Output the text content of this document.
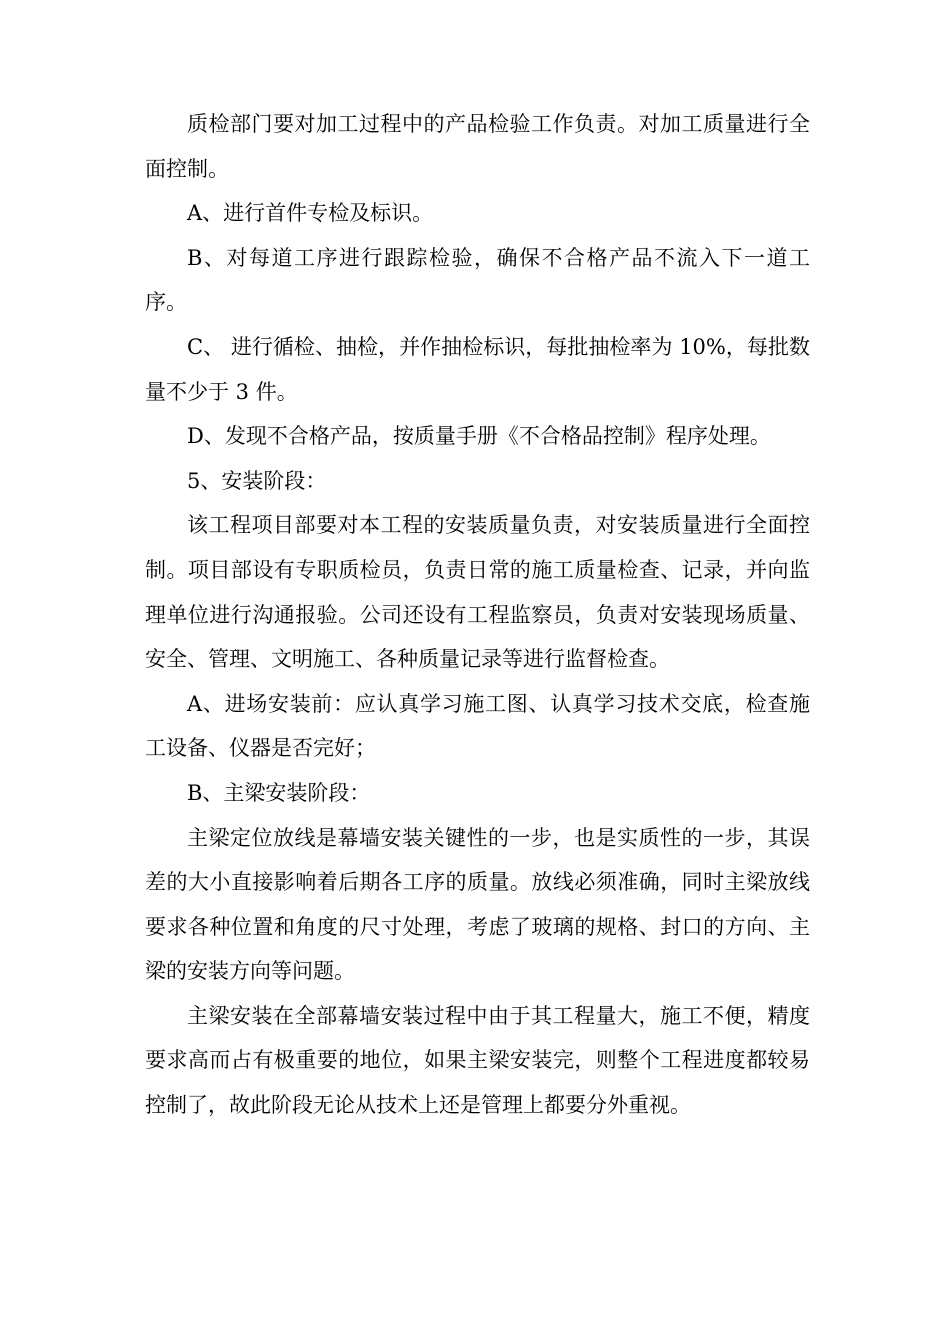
质检部门要对加工过程中的产品检验工作负责。对加工质量进行全面控制。

A、进行首件专检及标识。

B、对每道工序进行跟踪检验，确保不合格产品不流入下一道工序。

C、 进行循检、抽检，并作抽检标识，每批抽检率为 10%，每批数量不少于 3 件。

D、发现不合格产品，按质量手册《不合格品控制》程序处理。

5、安装阶段：

该工程项目部要对本工程的安装质量负责，对安装质量进行全面控制。项目部设有专职质检员，负责日常的施工质量检查、记录，并向监理单位进行沟通报验。公司还设有工程监察员，负责对安装现场质量、安全、管理、文明施工、各种质量记录等进行监督检查。

A、进场安装前：应认真学习施工图、认真学习技术交底，检查施工设备、仪器是否完好；

B、主梁安装阶段：

主梁定位放线是幕墙安装关键性的一步，也是实质性的一步，其误差的大小直接影响着后期各工序的质量。放线必须准确，同时主梁放线要求各种位置和角度的尺寸处理，考虑了玻璃的规格、封口的方向、主梁的安装方向等问题。

主梁安装在全部幕墙安装过程中由于其工程量大，施工不便，精度要求高而占有极重要的地位，如果主梁安装完，则整个工程进度都较易控制了，故此阶段无论从技术上还是管理上都要分外重视。
